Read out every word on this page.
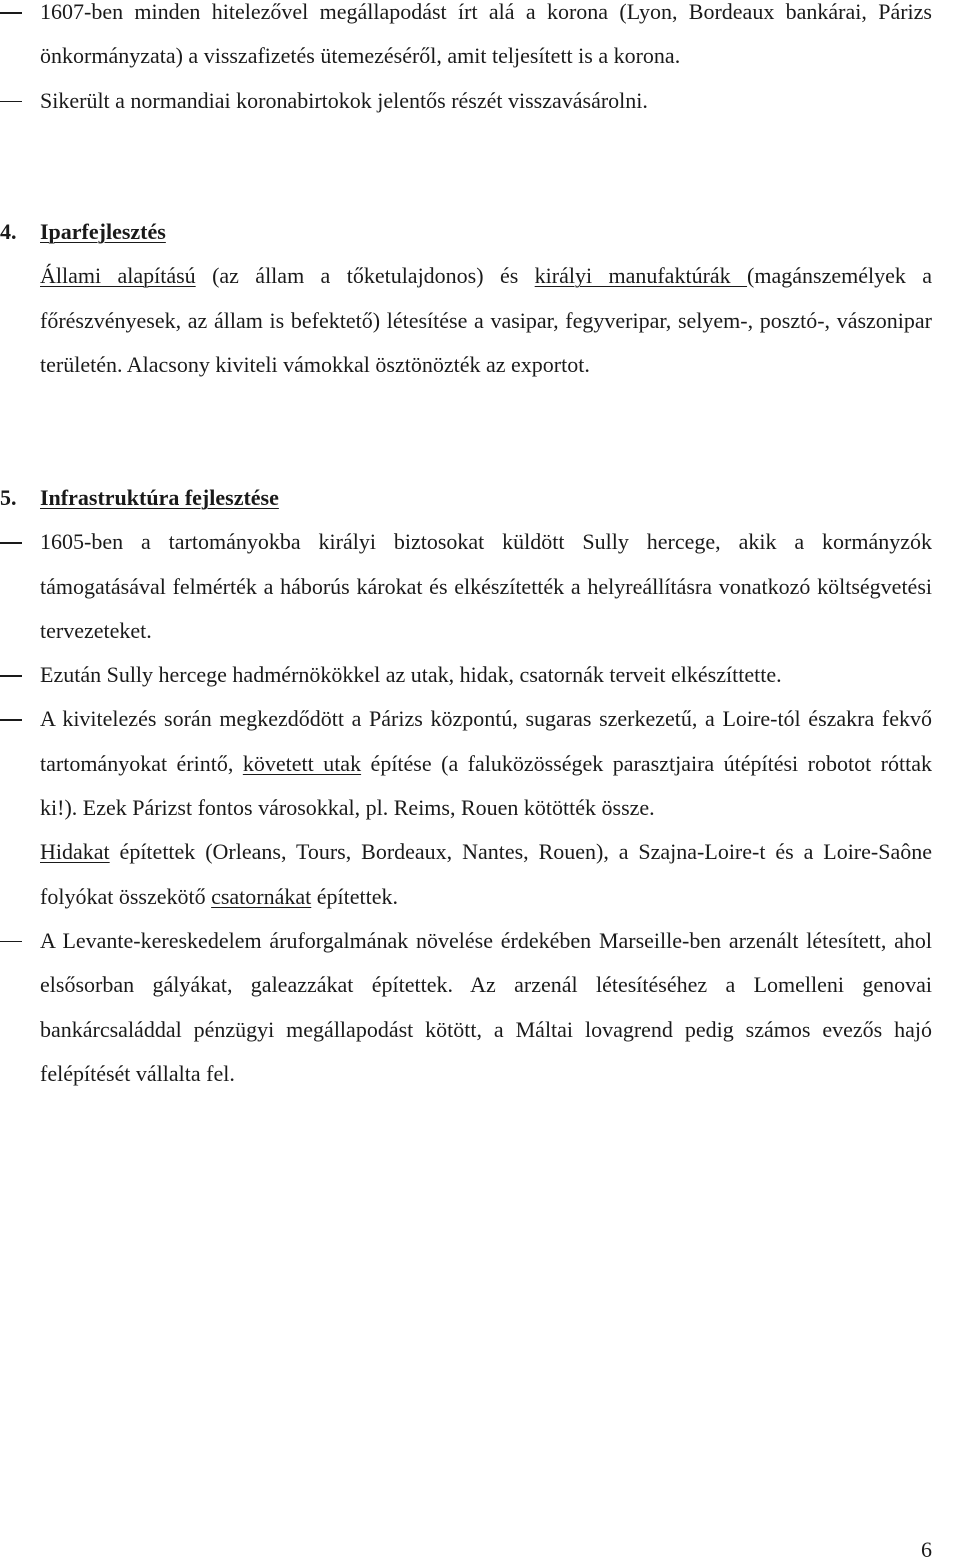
1607-ben minden hitelezővel megállapodást írt alá a korona (Lyon, Bordeaux bankárai, Párizs önkormányzata) a visszafizetés ütemezéséről, amit teljesített is a korona.
Sikerült a normandiai koronabirtokok jelentős részét visszavásárolni.
4. Iparfejlesztés
Állami alapítású (az állam a tőketulajdonos) és királyi manufaktúrák (magánszemélyek a főrészvényesek, az állam is befektető) létesítése a vasipar, fegyveripar, selyem-, posztó-, vászonipar területén. Alacsony kiviteli vámokkal ösztönözték az exportot.
5. Infrastruktúra fejlesztése
1605-ben a tartományokba királyi biztosokat küldött Sully hercege, akik a kormányzók támogatásával felmérték a háborús károkat és elkészítették a helyreállításra vonatkozó költségvetési tervezeteket.
Ezután Sully hercege hadmérnökökkel az utak, hidak, csatornák terveit elkészíttette.
A kivitelezés során megkezdődött a Párizs központú, sugaras szerkezetű, a Loire-tól északra fekvő tartományokat érintő, követett utak építése (a faluközösségek parasztjaira útépítési robotot róttak ki!). Ezek Párizst fontos városokkal, pl. Reims, Rouen kötötték össze.
Hidakat építettek (Orleans, Tours, Bordeaux, Nantes, Rouen), a Szajna-Loire-t és a Loire-Saône folyókat összekötő csatornákat építettek.
A Levante-kereskedelem áruforgalmának növelése érdekében Marseille-ben arzenált létesített, ahol elsősorban gályákat, galeazzákat építettek. Az arzenál létesítéséhez a Lomelleni genovai bankárcsaláddal pénzügyi megállapodást kötött, a Máltai lovagrend pedig számos evezős hajó felépítését vállalta fel.
6
